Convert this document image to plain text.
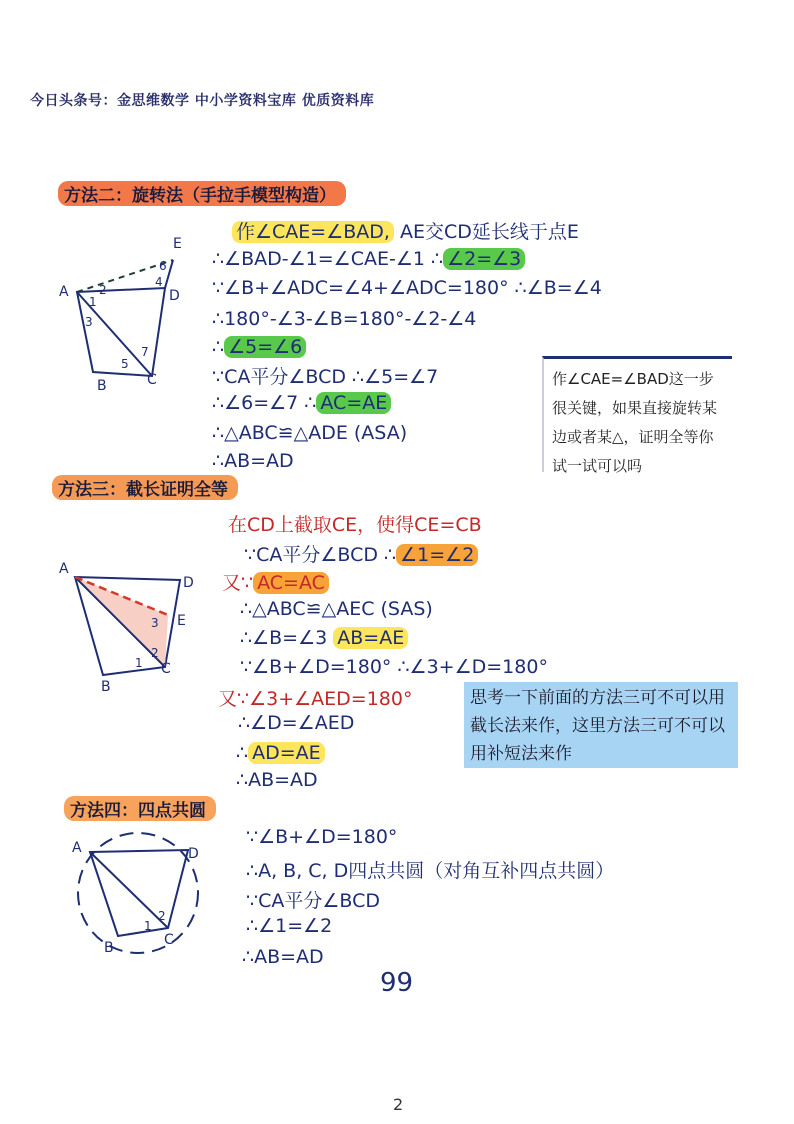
今日头条号：金思维数学 中小学资料宝库 优质资料库
方法二：旋转法（手拉手模型构造）
A
B	C
D
E
1
2
3
4
5
6
7
作∠CAE=∠BAD, AE交CD延长线于点E
∴∠BAD-∠1=∠CAE-∠1 ∴ ∠2=∠3
∵∠B+∠ADC=∠4+∠ADC=180° ∴∠B=∠4
∴180°-∠3-∠B=180°-∠2-∠4
∴ ∠5=∠6
∵CA平分∠BCD ∴∠5=∠7
∴∠6=∠7 ∴ AC=AE
∴△ABC≌△ADE (ASA)
∴AB=AD
作∠CAE=∠BAD这一步很关键，如果直接旋转某边或者某△，证明全等你试一试可以吗
方法三：截长证明全等
A
B
C
D
E
1
2
3
在CD上截取CE，使得CE=CB
∵CA平分∠BCD ∴ ∠1=∠2
又∵ AC=AC
∴△ABC≌△AEC (SAS)
∴∠B=∠3 AB=AE
∵∠B+∠D=180° ∴∠3+∠D=180°
又∵∠3+∠AED=180°
∴∠D=∠AED
∴ AD=AE
∴AB=AD
思考一下前面的方法三可不可以用截长法来作，这里方法三可不可以用补短法来作
方法四：四点共圆
A
B	C
D
1
2
∵∠B+∠D=180°
∴A, B, C, D四点共圆（对角互补四点共圆）
∵CA平分∠BCD
∴∠1=∠2
∴AB=AD
99
2
